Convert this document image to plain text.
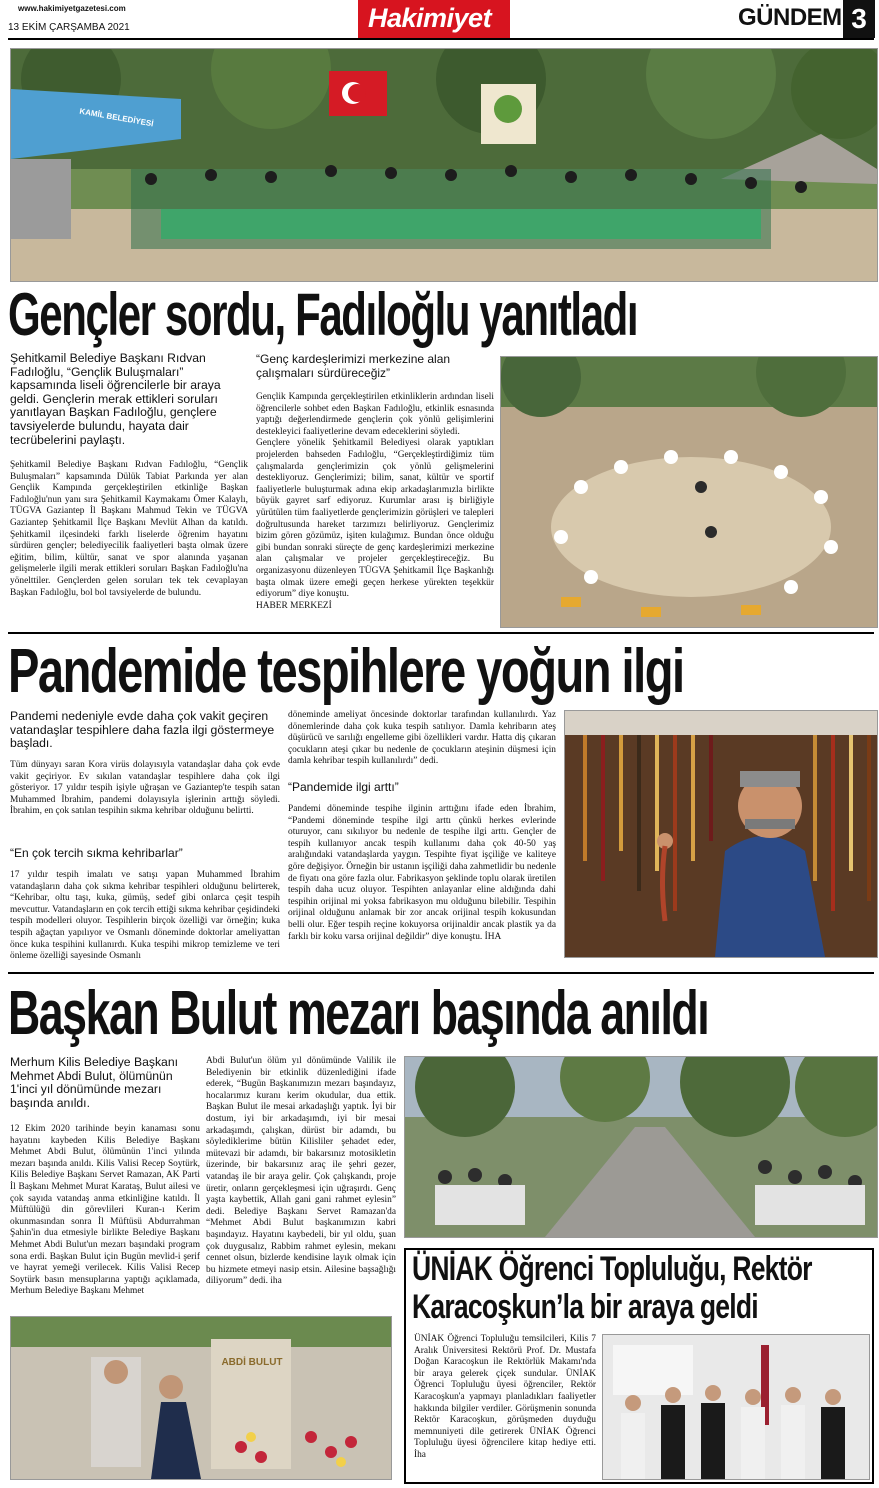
www.hakimiyetgazetesi.com
13 EKİM ÇARŞAMBA 2021	Hakimiyet	GÜNDEM 3
KAMİL BELEDİYESİ
Gençler sordu, Fadıloğlu yanıtladı
Şehitkamil Belediye Başkanı Rıdvan Fadıloğlu, “Gençlik Buluşmaları” kapsamında liseli öğrencilerle bir araya geldi. Gençlerin merak ettikleri soruları yanıtlayan Başkan Fadıloğlu, gençlere tavsiyelerde bulundu, hayata dair tecrübelerini paylaştı.
Şehitkamil Belediye Başkanı Rıdvan Fadıloğlu, “Gençlik Buluşmaları” kapsamında Dülük Tabiat Parkında yer alan Gençlik Kampında gerçekleştirilen etkinliğe Başkan Fadıloğlu'nun yanı sıra Şehitkamil Kaymakamı Ömer Kalaylı, TÜGVA Gaziantep İl Başkanı Mahmud Tekin ve TÜGVA Gaziantep Şehitkamil İlçe Başkanı Mevlüt Alhan da katıldı. Şehitkamil ilçesindeki farklı liselerde öğrenim hayatını sürdüren gençler; belediyecilik faaliyetleri başta olmak üzere eğitim, bilim, kültür, sanat ve spor alanında yaşanan gelişmelerle ilgili merak ettikleri soruları Başkan Fadıloğlu'na yönelttiler. Gençlerden gelen soruları tek tek cevaplayan Başkan Fadıloğlu, bol bol tavsiyelerde de bulundu.
“Genç kardeşlerimizi merkezine alan çalışmaları sürdüreceğiz”

Gençlik Kampında gerçekleştirilen etkinliklerin ardından liseli öğrencilerle sohbet eden Başkan Fadıloğlu, etkinlik esnasında yaptığı değerlendirmede gençlerin çok yönlü gelişimlerini destekleyici faaliyetlerine devam edeceklerini söyledi.

Gençlere yönelik Şehitkamil Belediyesi olarak yaptıkları projelerden bahseden Fadıloğlu, “Gerçekleştirdiğimiz tüm çalışmalarda gençlerimizin çok yönlü gelişmelerini destekliyoruz. Gençlerimizi; bilim, sanat, kültür ve sportif faaliyetlerle buluşturmak adına ekip arkadaşlarımızla birlikte büyük gayret sarf ediyoruz. Kurumlar arası iş birliğiyle yürütülen tüm faaliyetlerde gençlerimizin görüşleri ve talepleri doğrultusunda hareket tarzımızı belirliyoruz. Gençlerimiz bizim gören gözümüz, işiten kulağımız. Bundan önce olduğu gibi bundan sonraki süreçte de genç kardeşlerimizi merkezine alan çalışmalar ve projeler gerçekleştireceğiz. Bu organizasyonu düzenleyen TÜGVA Şehitkamil İlçe Başkanlığı başta olmak üzere emeği geçen herkese yürekten teşekkür ediyorum” diye konuştu.

HABER MERKEZİ

Pandemide tespihlere yoğun ilgi
Pandemi nedeniyle evde daha çok vakit geçiren vatandaşlar tespihlere daha fazla ilgi göstermeye başladı.
Tüm dünyayı saran Kora virüs dolayısıyla vatandaşlar daha çok evde vakit geçiriyor. Ev sıkılan vatandaşlar tespihlere daha çok ilgi gösteriyor. 17 yıldır tespih işiyle uğraşan ve Gaziantep'te tespih satan Muhammed İbrahim, pandemi dolayısıyla işlerinin arttığı söyledi. İbrahim, en çok satılan tespihin sıkma kehribar olduğunu belirtti.
“En çok tercih sıkma kehribarlar”
17 yıldır tespih imalatı ve satışı yapan Muhammed İbrahim vatandaşların daha çok sıkma kehribar tespihleri olduğunu belirterek, “Kehribar, oltu taşı, kuka, gümüş, sedef gibi onlarca çeşit tespih mevcuttur. Vatandaşların en çok tercih ettiği sıkma kehribar çeşidindeki tespih modelleri oluyor. Tespihlerin birçok özelliği var örneğin; kuka tespih ağaçtan yapılıyor ve Osmanlı döneminde doktorlar ameliyattan önce kuka tespihini kullanırdı. Kuka tespihi mikrop temizleme ve teri önleme özelliği sayesinde Osmanlı
döneminde ameliyat öncesinde doktorlar tarafından kullanılırdı. Yaz dönemlerinde daha çok kuka tespih satılıyor. Damla kehribarın ateş düşürücü ve sarılığı engelleme gibi özellikleri vardır. Hatta diş çıkaran çocukların ateşi çıkar bu nedenle de çocukların ateşinin düşmesi için damla kehribar tespih kullanılırdı” dedi.
“Pandemide ilgi arttı”
Pandemi döneminde tespihe ilginin arttığını ifade eden İbrahim, “Pandemi döneminde tespihe ilgi arttı çünkü herkes evlerinde oturuyor, canı sıkılıyor bu nedenle de tespihe ilgi arttı. Gençler de tespih kullanıyor ancak tespih kullanımı daha çok 40-50 yaş aralığındaki vatandaşlarda yaygın. Tespihte fiyat işçiliğe ve kaliteye göre değişiyor. Örneğin bir ustanın işçiliği daha zahmetlidir bu nedenle de fiyatı ona göre fazla olur. Fabrikasyon şeklinde toplu olarak üretilen tespih daha ucuz oluyor. Tespihten anlayanlar eline aldığında dahi tespihin orijinal mi yoksa fabrikasyon mu olduğunu bilebilir. Tespihin orijinal olduğunu anlamak bir zor ancak orijinal tespih kokusundan belli olur. Eğer tespih reçine kokuyorsa orijinaldir ancak plastik ya da farklı bir koku varsa orijinal değildir” diye konuştu. İHA
Başkan Bulut mezarı başında anıldı
Merhum Kilis Belediye Başkanı Mehmet Abdi Bulut, ölümünün 1'inci yıl dönümünde mezarı başında anıldı.
12 Ekim 2020 tarihinde beyin kanaması sonu hayatını kaybeden Kilis Belediye Başkanı Mehmet Abdi Bulut, ölümünün 1'inci yılında mezarı başında anıldı. Kilis Valisi Recep Soytürk, Kilis Belediye Başkanı Servet Ramazan, AK Parti İl Başkanı Mehmet Murat Karataş, Bulut ailesi ve çok sayıda vatandaş anma etkinliğine katıldı. İl Müftülüğü din görevlileri Kuran-ı Kerim okunmasından sonra İl Müftüsü Abdurrahman Şahin'in dua etmesiyle birlikte Belediye Başkanı Mehmet Abdi Bulut'un mezarı başındaki program sona erdi. Başkan Bulut için Bugün mevlid-i şerif ve hayrat yemeği verilecek. Kilis Valisi Recep Soytürk basın mensuplarına yaptığı açıklamada, Merhum Belediye Başkanı Mehmet
Abdi Bulut'un ölüm yıl dönümünde Valilik ile Belediyenin bir etkinlik düzenlediğini ifade ederek, “Bugün Başkanımızın mezarı başındayız, hocalarımız kuranı kerim okudular, dua ettik. Başkan Bulut ile mesai arkadaşlığı yaptık. İyi bir dostum, iyi bir arkadaşımdı, iyi bir mesai arkadaşımdı, çalışkan, dürüst bir adamdı, bu söylediklerime bütün Kilisliler şehadet eder, mütevazi bir adamdı, bir bakarsınız motosikletin üzerinde, bir bakarsınız araç ile şehri gezer, vatandaş ile bir araya gelir. Çok çalışkandı, proje üretir, onların gerçekleşmesi için uğraşırdı. Genç yaşta kaybettik, Allah gani gani rahmet eylesin” dedi. Belediye Başkanı Servet Ramazan'da “Mehmet Abdi Bulut başkanımızın kabri başındayız. Hayatını kaybedeli, bir yıl oldu, şuan çok duygusalız, Rabbim rahmet eylesin, mekanı cennet olsun, bizlerde kendisine layık olmak için bu hizmete etmeyi nasip etsin. Ailesine başsağlığı diliyorum” dedi. iha
ABDİ BULUT
ÜNİAK Öğrenci Topluluğu, Rektör
Karacoşkun’la bir araya geldi
ÜNİAK Öğrenci Topluluğu temsilcileri, Kilis 7 Aralık Üniversitesi Rektörü Prof. Dr. Mustafa Doğan Karacoşkun ile Rektörlük Makamı'nda bir araya gelerek çiçek sundular. ÜNİAK Öğrenci Topluluğu üyesi öğrenciler, Rektör Karacoşkun'a yapmayı planladıkları faaliyetler hakkında bilgiler verdiler. Görüşmenin sonunda Rektör Karacoşkun, görüşmeden duyduğu memnuniyeti dile getirerek ÜNİAK Öğrenci Topluluğu üyesi öğrencilere kitap hediye etti. İha
